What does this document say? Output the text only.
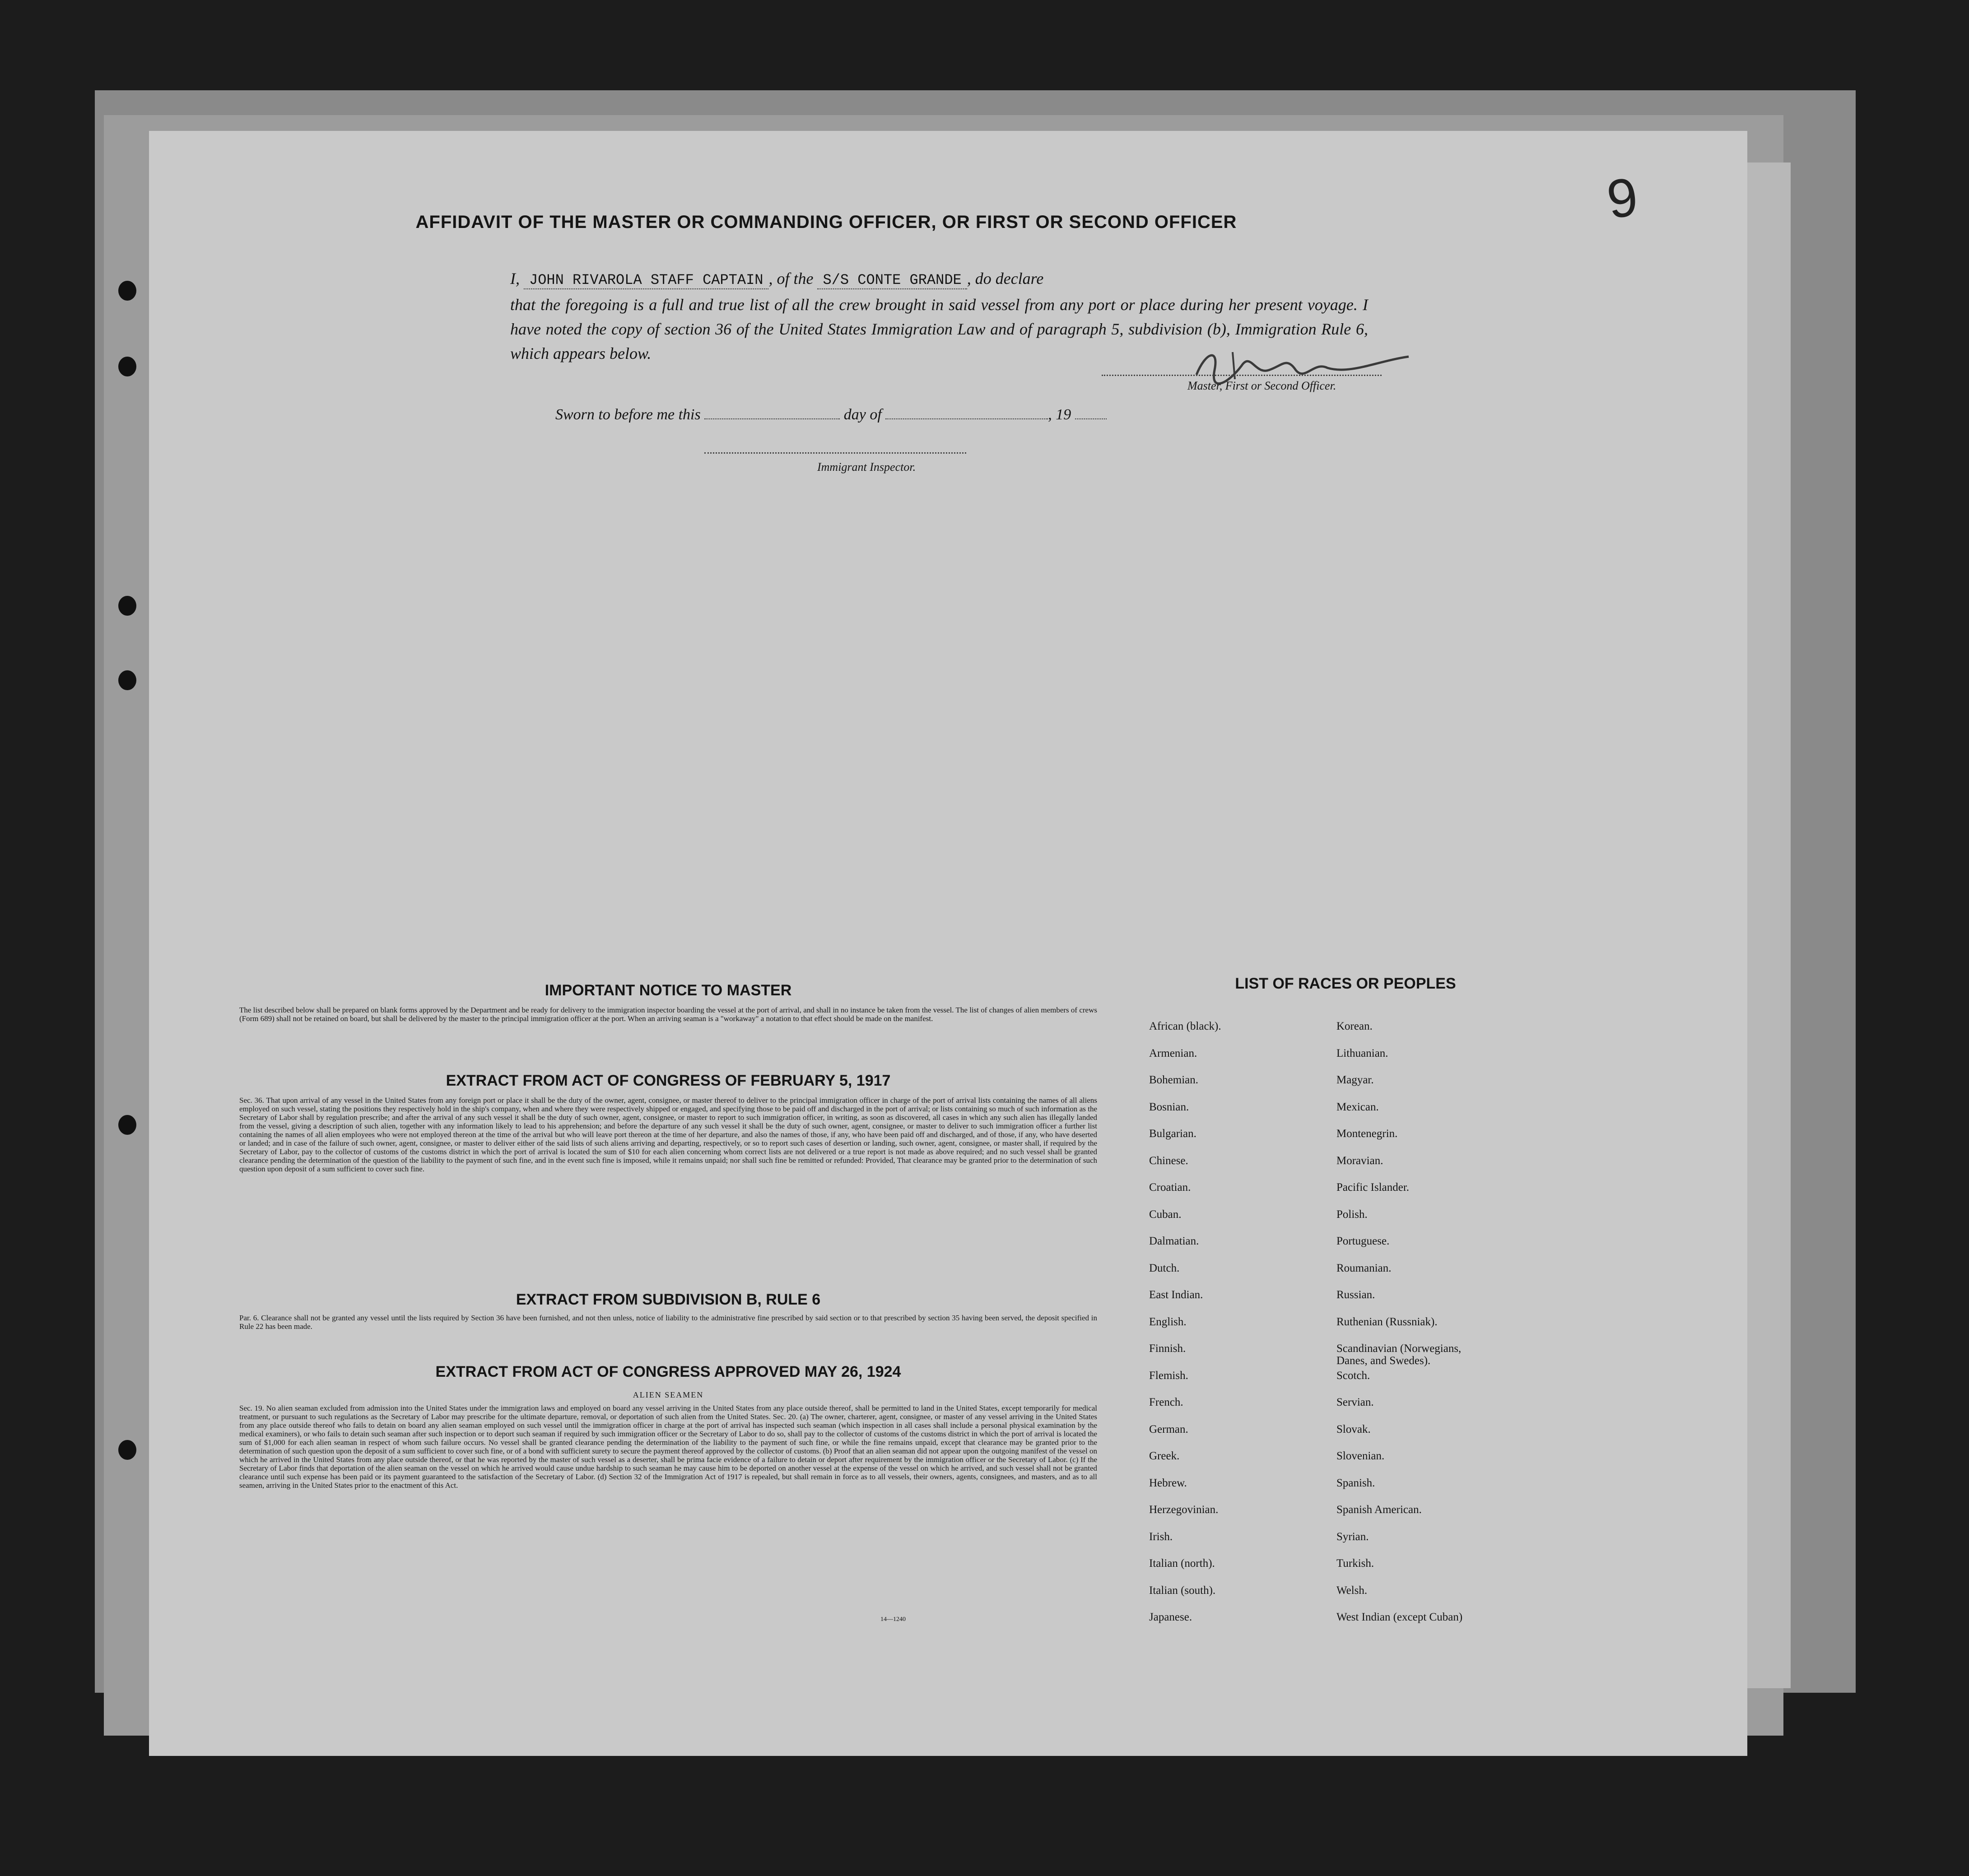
9
AFFIDAVIT OF THE MASTER OR COMMANDING OFFICER, OR FIRST OR SECOND OFFICER
I, JOHN RIVAROLA STAFF CAPTAIN , of the S/S CONTE GRANDE , do declare
that the foregoing is a full and true list of all the crew brought in said vessel from any port or place during her present voyage. I have noted the copy of section 36 of the United States Immigration Law and of paragraph 5, subdivision (b), Immigration Rule 6, which appears below.
Master, First or Second Officer.
Sworn to before me this	day of	, 19
Immigrant Inspector.
IMPORTANT NOTICE TO MASTER
The list described below shall be prepared on blank forms approved by the Department and be ready for delivery to the immigration inspector boarding the vessel at the port of arrival, and shall in no instance be taken from the vessel. The list of changes of alien members of crews (Form 689) shall not be retained on board, but shall be delivered by the master to the principal immigration officer at the port. When an arriving seaman is a "workaway" a notation to that effect should be made on the manifest.
EXTRACT FROM ACT OF CONGRESS OF FEBRUARY 5, 1917
Sec. 36. That upon arrival of any vessel in the United States from any foreign port or place it shall be the duty of the owner, agent, consignee, or master thereof to deliver to the principal immigration officer in charge of the port of arrival lists containing the names of all aliens employed on such vessel, stating the positions they respectively hold in the ship's company, when and where they were respectively shipped or engaged, and specifying those to be paid off and discharged in the port of arrival; or lists containing so much of such information as the Secretary of Labor shall by regulation prescribe; and after the arrival of any such vessel it shall be the duty of such owner, agent, consignee, or master to report to such immigration officer, in writing, as soon as discovered, all cases in which any such alien has illegally landed from the vessel, giving a description of such alien, together with any information likely to lead to his apprehension; and before the departure of any such vessel it shall be the duty of such owner, agent, consignee, or master to deliver to such immigration officer a further list containing the names of all alien employees who were not employed thereon at the time of the arrival but who will leave port thereon at the time of her departure, and also the names of those, if any, who have been paid off and discharged, and of those, if any, who have deserted or landed; and in case of the failure of such owner, agent, consignee, or master to deliver either of the said lists of such aliens arriving and departing, respectively, or so to report such cases of desertion or landing, such owner, agent, consignee, or master shall, if required by the Secretary of Labor, pay to the collector of customs of the customs district in which the port of arrival is located the sum of $10 for each alien concerning whom correct lists are not delivered or a true report is not made as above required; and no such vessel shall be granted clearance pending the determination of the question of the liability to the payment of such fine, and in the event such fine is imposed, while it remains unpaid; nor shall such fine be remitted or refunded: Provided, That clearance may be granted prior to the determination of such question upon deposit of a sum sufficient to cover such fine.
EXTRACT FROM SUBDIVISION B, RULE 6
Par. 6. Clearance shall not be granted any vessel until the lists required by Section 36 have been furnished, and not then unless, notice of liability to the administrative fine prescribed by said section or to that prescribed by section 35 having been served, the deposit specified in Rule 22 has been made.
EXTRACT FROM ACT OF CONGRESS APPROVED MAY 26, 1924
ALIEN SEAMEN
Sec. 19. No alien seaman excluded from admission into the United States under the immigration laws and employed on board any vessel arriving in the United States from any place outside thereof, shall be permitted to land in the United States, except temporarily for medical treatment, or pursuant to such regulations as the Secretary of Labor may prescribe for the ultimate departure, removal, or deportation of such alien from the United States. Sec. 20. (a) The owner, charterer, agent, consignee, or master of any vessel arriving in the United States from any place outside thereof who fails to detain on board any alien seaman employed on such vessel until the immigration officer in charge at the port of arrival has inspected such seaman (which inspection in all cases shall include a personal physical examination by the medical examiners), or who fails to detain such seaman after such inspection or to deport such seaman if required by such immigration officer or the Secretary of Labor to do so, shall pay to the collector of customs of the customs district in which the port of arrival is located the sum of $1,000 for each alien seaman in respect of whom such failure occurs. No vessel shall be granted clearance pending the determination of the liability to the payment of such fine, or while the fine remains unpaid, except that clearance may be granted prior to the determination of such question upon the deposit of a sum sufficient to cover such fine, or of a bond with sufficient surety to secure the payment thereof approved by the collector of customs. (b) Proof that an alien seaman did not appear upon the outgoing manifest of the vessel on which he arrived in the United States from any place outside thereof, or that he was reported by the master of such vessel as a deserter, shall be prima facie evidence of a failure to detain or deport after requirement by the immigration officer or the Secretary of Labor. (c) If the Secretary of Labor finds that deportation of the alien seaman on the vessel on which he arrived would cause undue hardship to such seaman he may cause him to be deported on another vessel at the expense of the vessel on which he arrived, and such vessel shall not be granted clearance until such expense has been paid or its payment guaranteed to the satisfaction of the Secretary of Labor. (d) Section 32 of the Immigration Act of 1917 is repealed, but shall remain in force as to all vessels, their owners, agents, consignees, and masters, and as to all seamen, arriving in the United States prior to the enactment of this Act.
14—1240
LIST OF RACES OR PEOPLES
African (black).
Armenian.
Bohemian.
Bosnian.
Bulgarian.
Chinese.
Croatian.
Cuban.
Dalmatian.
Dutch.
East Indian.
English.
Finnish.
Flemish.
French.
German.
Greek.
Hebrew.
Herzegovinian.
Irish.
Italian (north).
Italian (south).
Japanese.
Korean.
Lithuanian.
Magyar.
Mexican.
Montenegrin.
Moravian.
Pacific Islander.
Polish.
Portuguese.
Roumanian.
Russian.
Ruthenian (Russniak).
Scandinavian (Norwegians, Danes, and Swedes).
Scotch.
Servian.
Slovak.
Slovenian.
Spanish.
Spanish American.
Syrian.
Turkish.
Welsh.
West Indian (except Cuban)
